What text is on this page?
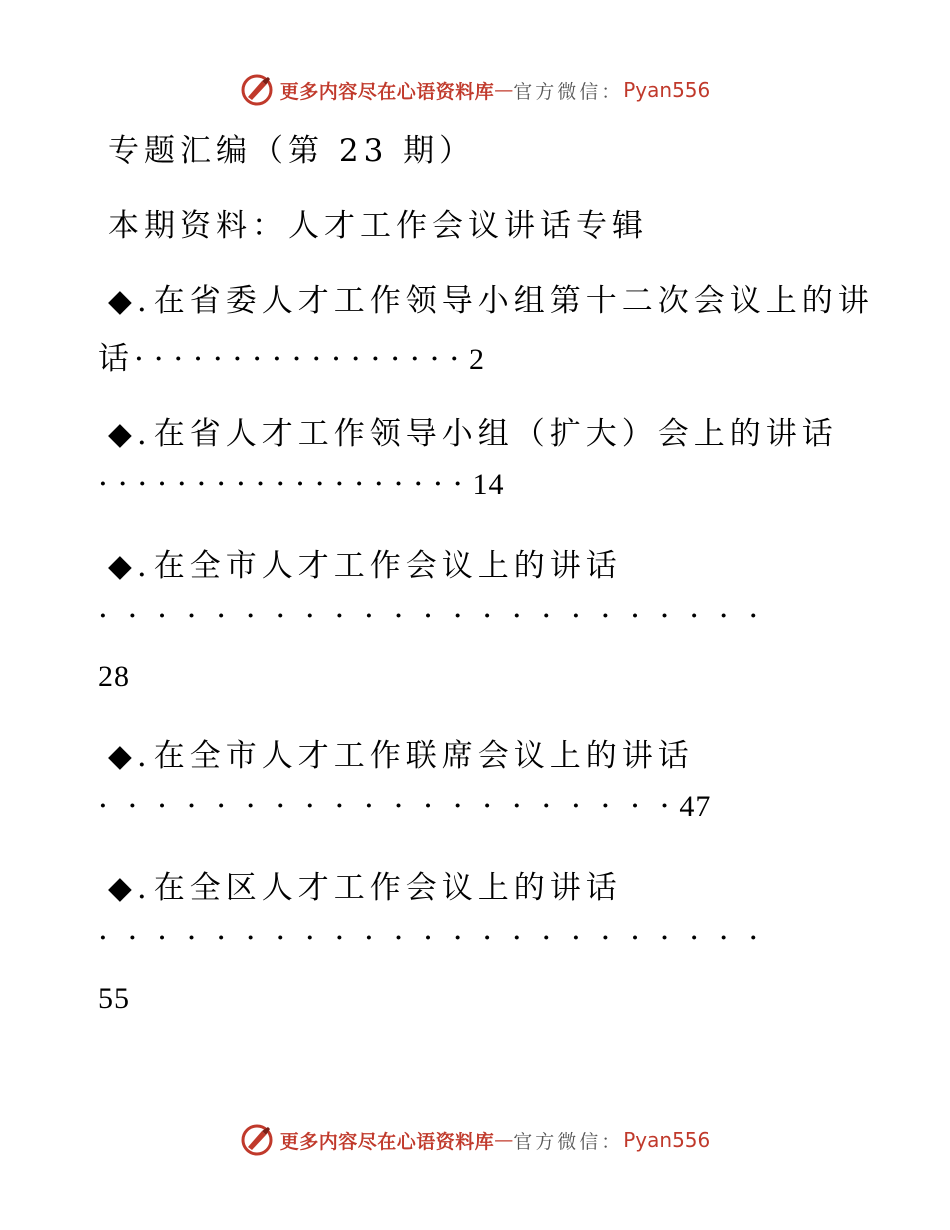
更多内容尽在心语资料库 — 官方微信： Pyan556
专题汇编（第 23 期）
本期资料：人才工作会议讲话专辑
◆.在省委人才工作领导小组第十二次会议上的讲
话· · · · · · · · · · · · · · · · · 2
◆.在省人才工作领导小组（扩大）会上的讲话
· · · · · · · · · · · · · · · · · · · 14
◆.在全市人才工作会议上的讲话
·  ·  ·  ·  ·  ·  ·  ·  ·  ·  ·  ·  ·  ·  ·  ·  ·  ·  ·  ·  ·  ·  ·
28
◆.在全市人才工作联席会议上的讲话
·  ·  ·  ·  ·  ·  ·  ·  ·  ·  ·  ·  ·  ·  ·  ·  ·  ·  ·  · 47
◆.在全区人才工作会议上的讲话
·  ·  ·  ·  ·  ·  ·  ·  ·  ·  ·  ·  ·  ·  ·  ·  ·  ·  ·  ·  ·  ·  ·
55
更多内容尽在心语资料库 — 官方微信： Pyan556
